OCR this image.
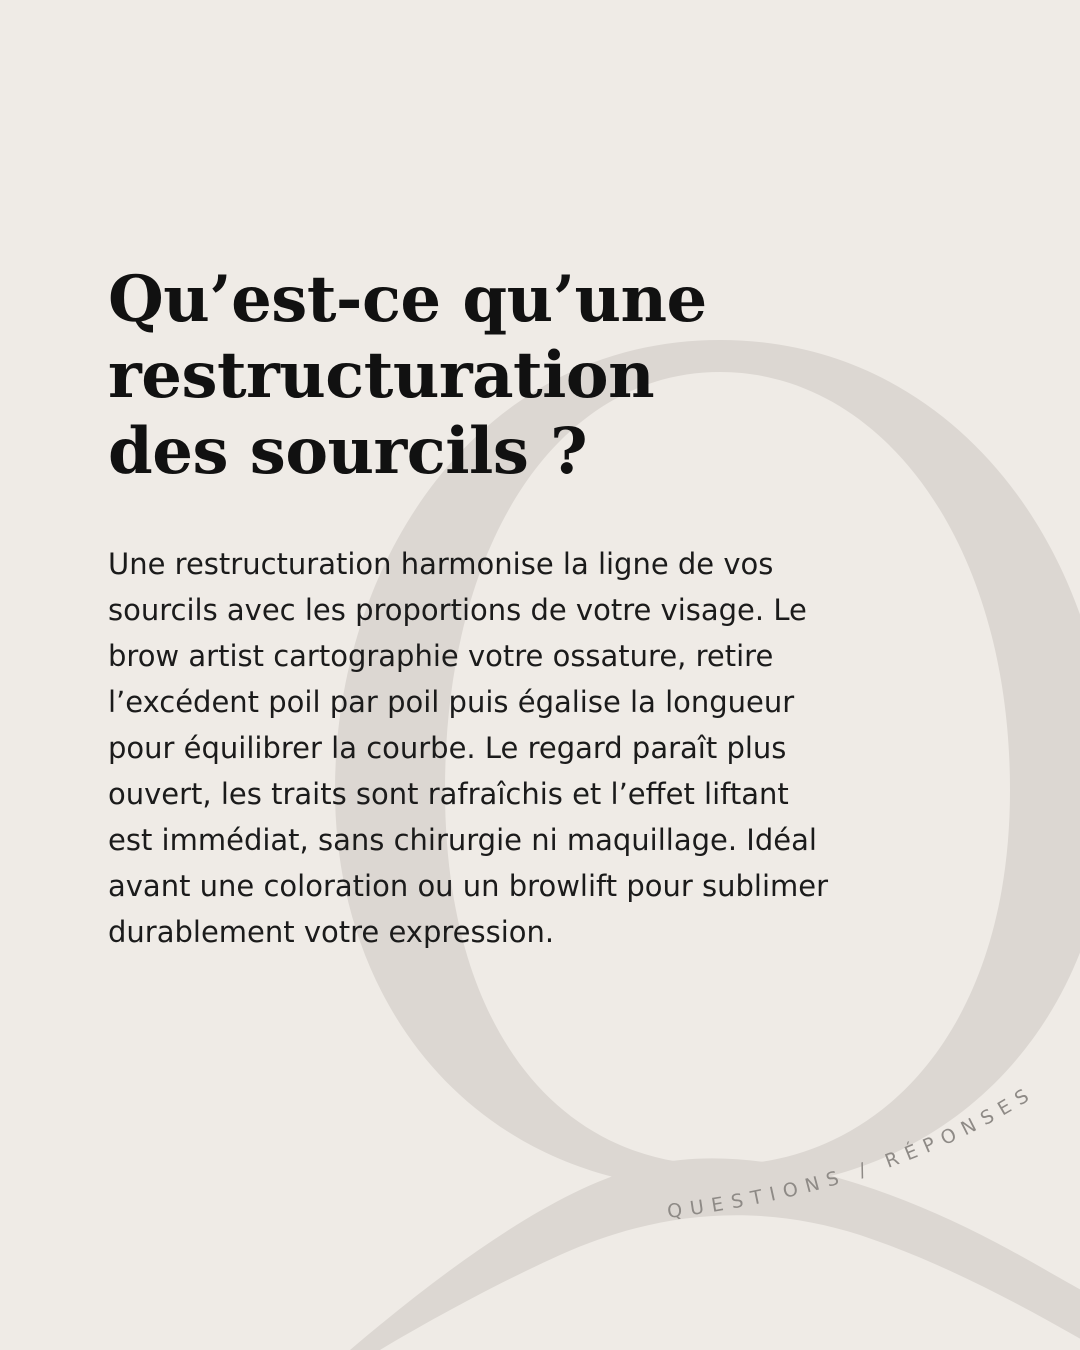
Qu’est-ce qu’une
restructuration
des sourcils ?

Une restructuration harmonise la ligne de vos
sourcils avec les proportions de votre visage. Le
brow artist cartographie votre ossature, retire
l’excédent poil par poil puis égalise la longueur
pour équilibrer la courbe. Le regard paraît plus
ouvert, les traits sont rafraîchis et l’effet liftant
est immédiat, sans chirurgie ni maquillage. Idéal
avant une coloration ou un browlift pour sublimer
durablement votre expression.

QUESTIONS / RÉPONSES
